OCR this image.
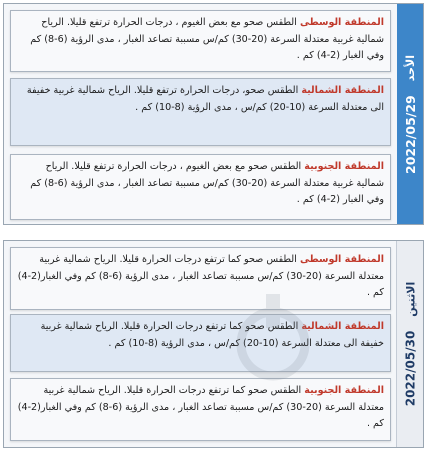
المنطقة الوسطى الطقس صحو مع بعض الغيوم ، درجات الحرارة ترتفع قليلا. الرياح شمالية غربية معتدلة السرعة (20-30) كم/س مسببة تصاعد الغبار ، مدى الرؤية (6-8) كم وفي الغبار (2-4) كم .
المنطقة الشمالية الطقس صحو، درجات الحرارة ترتفع قليلا. الرياح شمالية غربية خفيفة الى معتدلة السرعة (10-20) كم/س ، مدى الرؤية (8-10) كم .
المنطقة الجنوبية الطقس صحو مع بعض الغيوم ، درجات الحرارة ترتفع قليلا. الرياح شمالية غربية معتدلة السرعة (20-30) كم/س مسببة تصاعد الغبار ، مدى الرؤية (6-8) كم وفي الغبار (2-4) كم .
2022/05/29
الأحد
المنطقة الوسطى الطقس صحو كما ترتفع درجات الحرارة قليلا. الرياح شمالية غربية معتدلة السرعة (20-30) كم/س مسببة تصاعد الغبار ، مدى الرؤية (6-8) كم وفي الغبار(2-4) كم .
المنطقة الشمالية الطقس صحو كما ترتفع درجات الحرارة قليلا. الرياح شمالية غربية خفيفة الى معتدلة السرعة (10-20) كم/س ، مدى الرؤية (8-10) كم .
المنطقة الجنوبية الطقس صحو كما ترتفع درجات الحرارة قليلا. الرياح شمالية غربية معتدلة السرعة (20-30) كم/س مسببة تصاعد الغبار ، مدى الرؤية (6-8) كم وفي الغبار(2-4) كم .
2022/05/30
الاثنين
